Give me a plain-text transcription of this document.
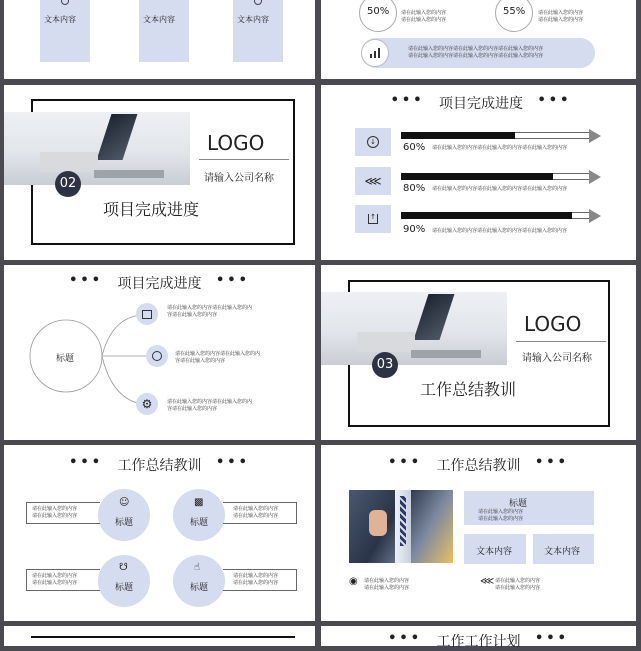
文本内容	文本内容	文本内容
50% 请在此输入您的内容
请在此输入您的内容
55%	请在此输入您的内容
请在此输入您的内容
请在此输入您的内容请在此输入您的内容请在此输入您的内容
请在此输入您的内容请在此输入您的内容请在此输入您的内容
LOGO
请输入公司名称
02
项目完成进度
••• 项目完成进度 •••
↓	60% 请在此输入您的内容请在此输入您的内容请在此输入您的内容
⋘
80% 请在此输入您的内容请在此输入您的内容请在此输入您的内容
↑
90% 请在此输入您的内容请在此输入您的内容请在此输入您的内容
••• 项目完成进度 •••
标题
⚙
请在此输入您的内容请在此输入您的内
容请在此输入您的内容
请在此输入您的内容请在此输入您的内
容请在此输入您的内容
请在此输入您的内容请在此输入您的内
容请在此输入您的内容
LOGO
请输入公司名称
03
工作总结教训
••• 工作总结教训 •••
☺	▩
☋	☝
标题	标题
标题	标题
请在此输入您的内容
请在此输入您的内容
请在此输入您的内容
请在此输入您的内容
请在此输入您的内容
请在此输入您的内容
请在此输入您的内容
请在此输入您的内容
••• 工作总结教训 •••
标题
请在此输入您的内容
请在此输入您的内容
文本内容	文本内容
◉ 请在此输入您的内容
请在此输入您的内容
⋘ 请在此输入您的内容
请在此输入您的内容
••• 工作工作计划 •••
